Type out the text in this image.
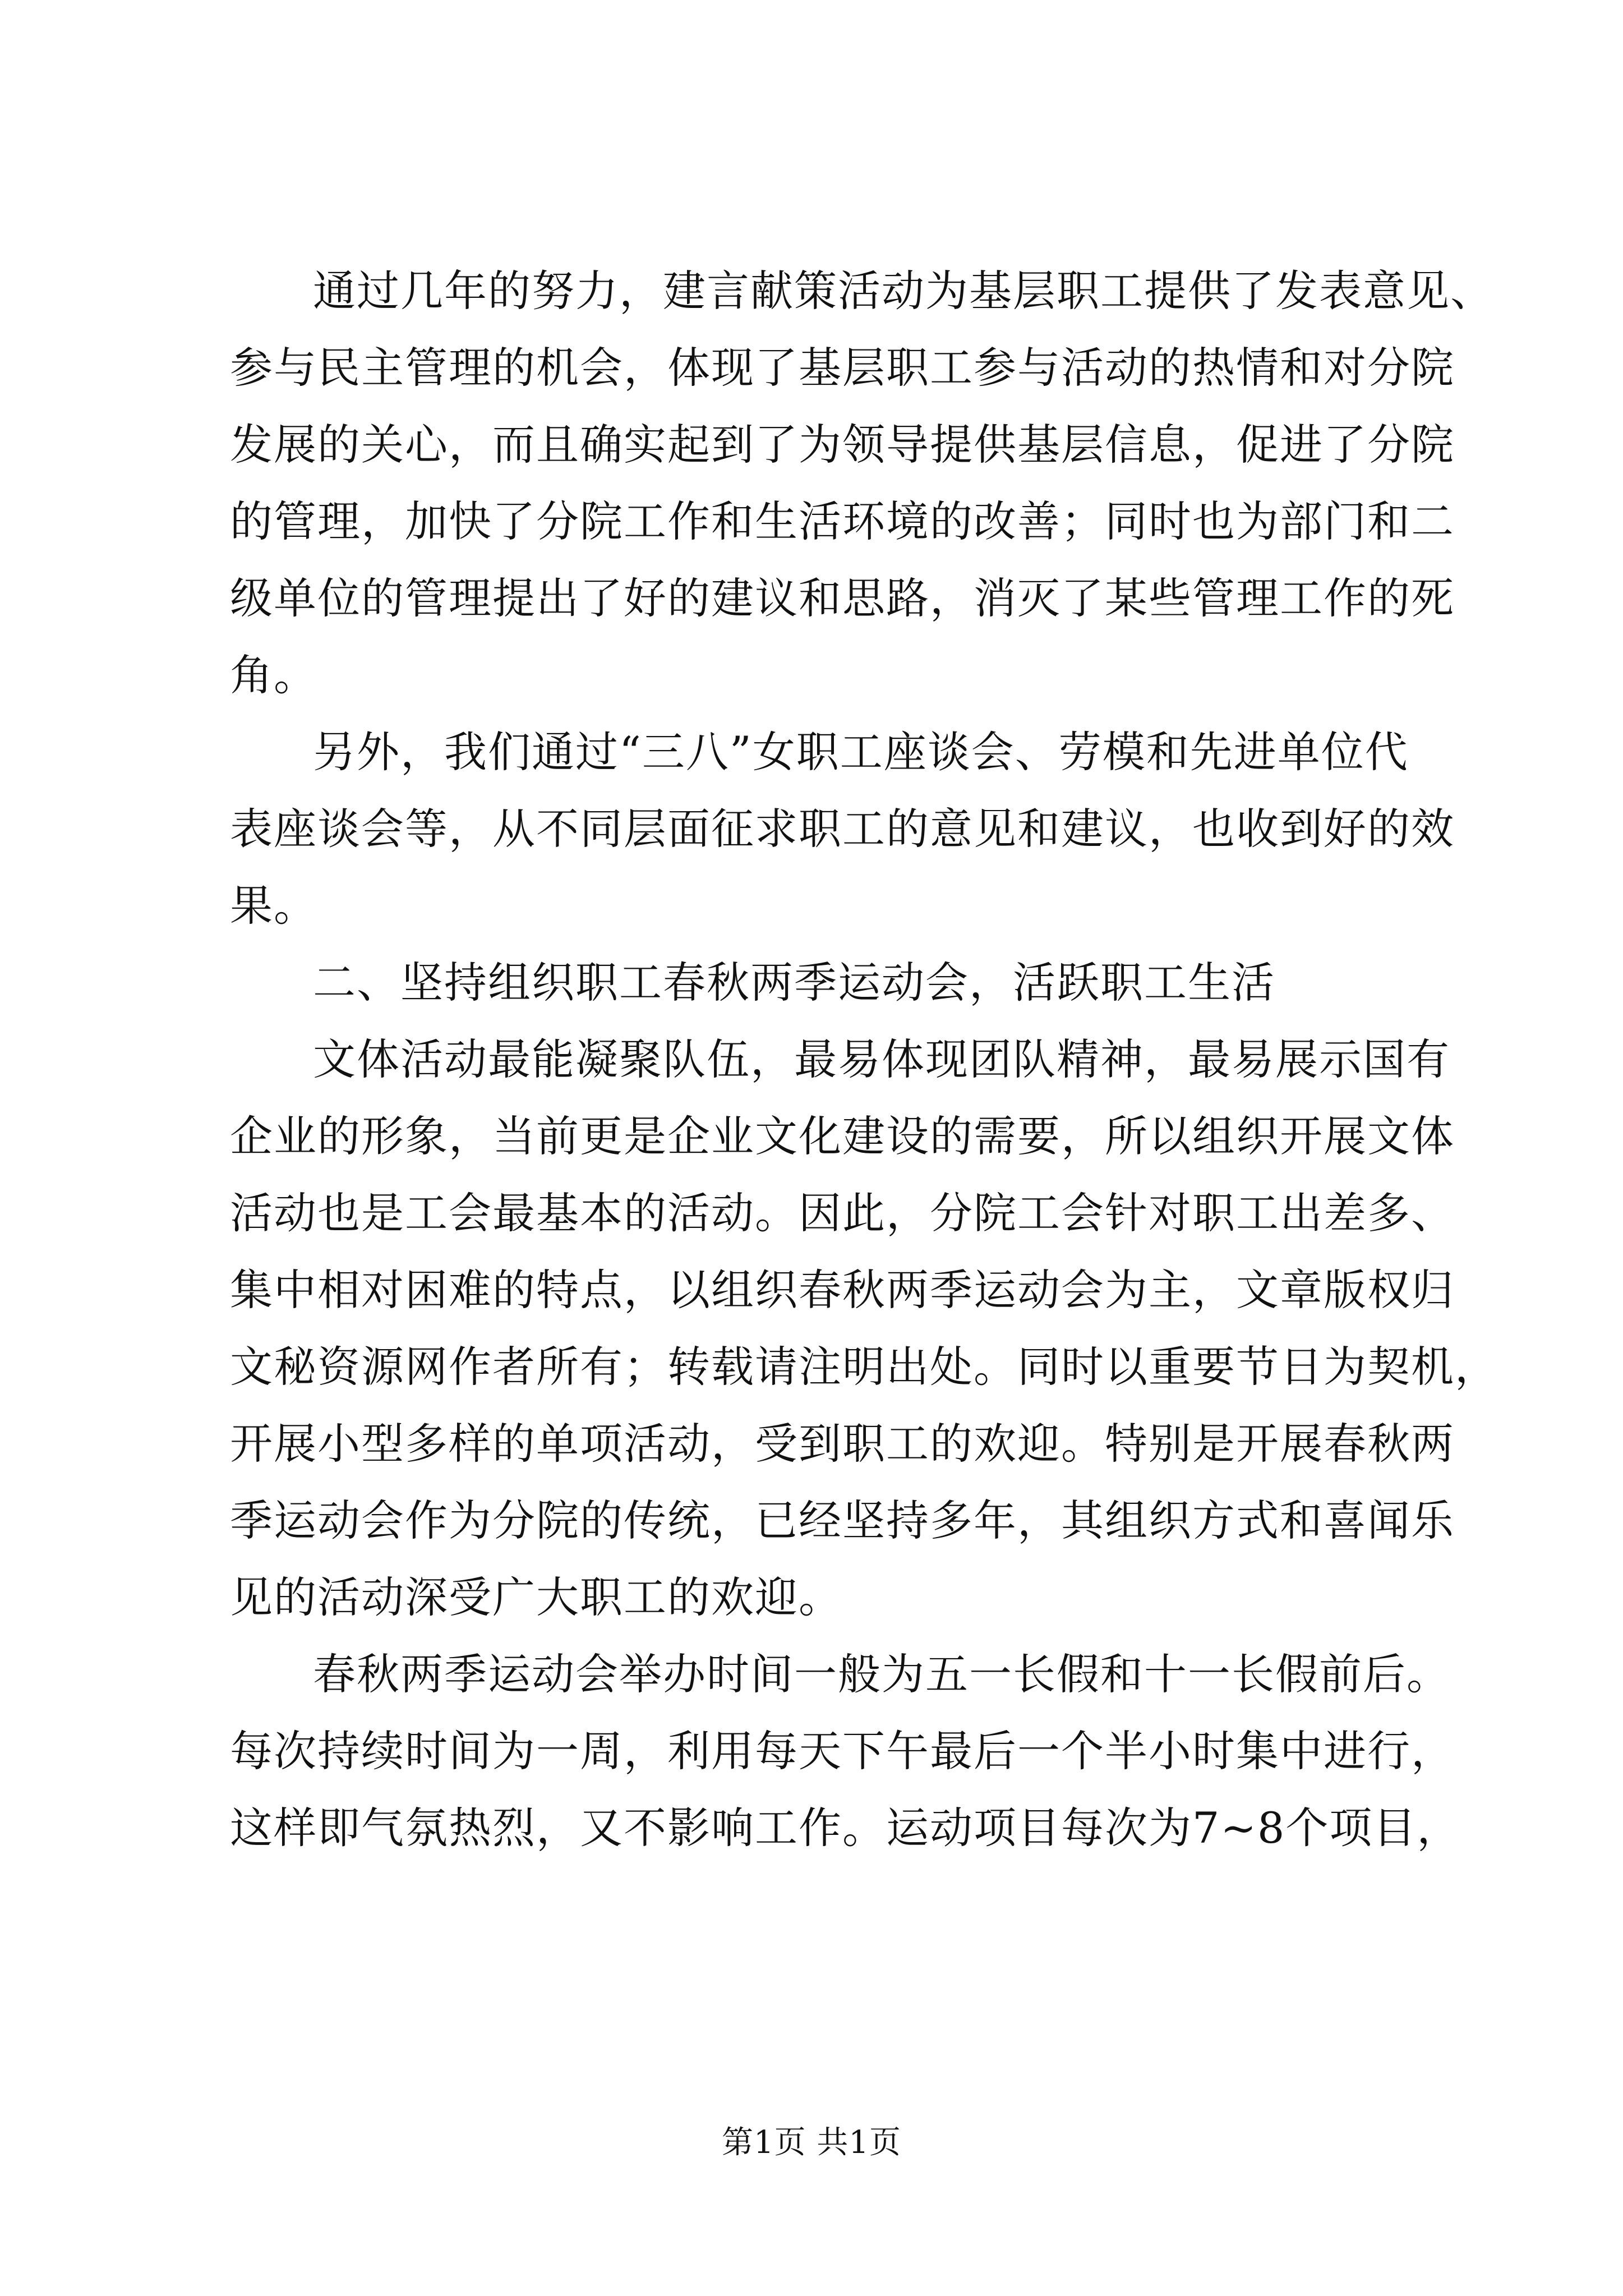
通过几年的努力，建言献策活动为基层职工提供了发表意见、
参与民主管理的机会，体现了基层职工参与活动的热情和对分院
发展的关心，而且确实起到了为领导提供基层信息，促进了分院
的管理，加快了分院工作和生活环境的改善；同时也为部门和二
级单位的管理提出了好的建议和思路，消灭了某些管理工作的死
角。
另外，我们通过“三八”女职工座谈会、劳模和先进单位代
表座谈会等，从不同层面征求职工的意见和建议，也收到好的效
果。
二、坚持组织职工春秋两季运动会，活跃职工生活
文体活动最能凝聚队伍，最易体现团队精神，最易展示国有
企业的形象，当前更是企业文化建设的需要，所以组织开展文体
活动也是工会最基本的活动。因此，分院工会针对职工出差多、
集中相对困难的特点，以组织春秋两季运动会为主，文章版权归
文秘资源网作者所有；转载请注明出处。同时以重要节日为契机，
开展小型多样的单项活动，受到职工的欢迎。特别是开展春秋两
季运动会作为分院的传统，已经坚持多年，其组织方式和喜闻乐
见的活动深受广大职工的欢迎。
春秋两季运动会举办时间一般为五一长假和十一长假前后。
每次持续时间为一周，利用每天下午最后一个半小时集中进行，
这样即气氛热烈，又不影响工作。运动项目每次为7~8个项目，
第1页 共1页
